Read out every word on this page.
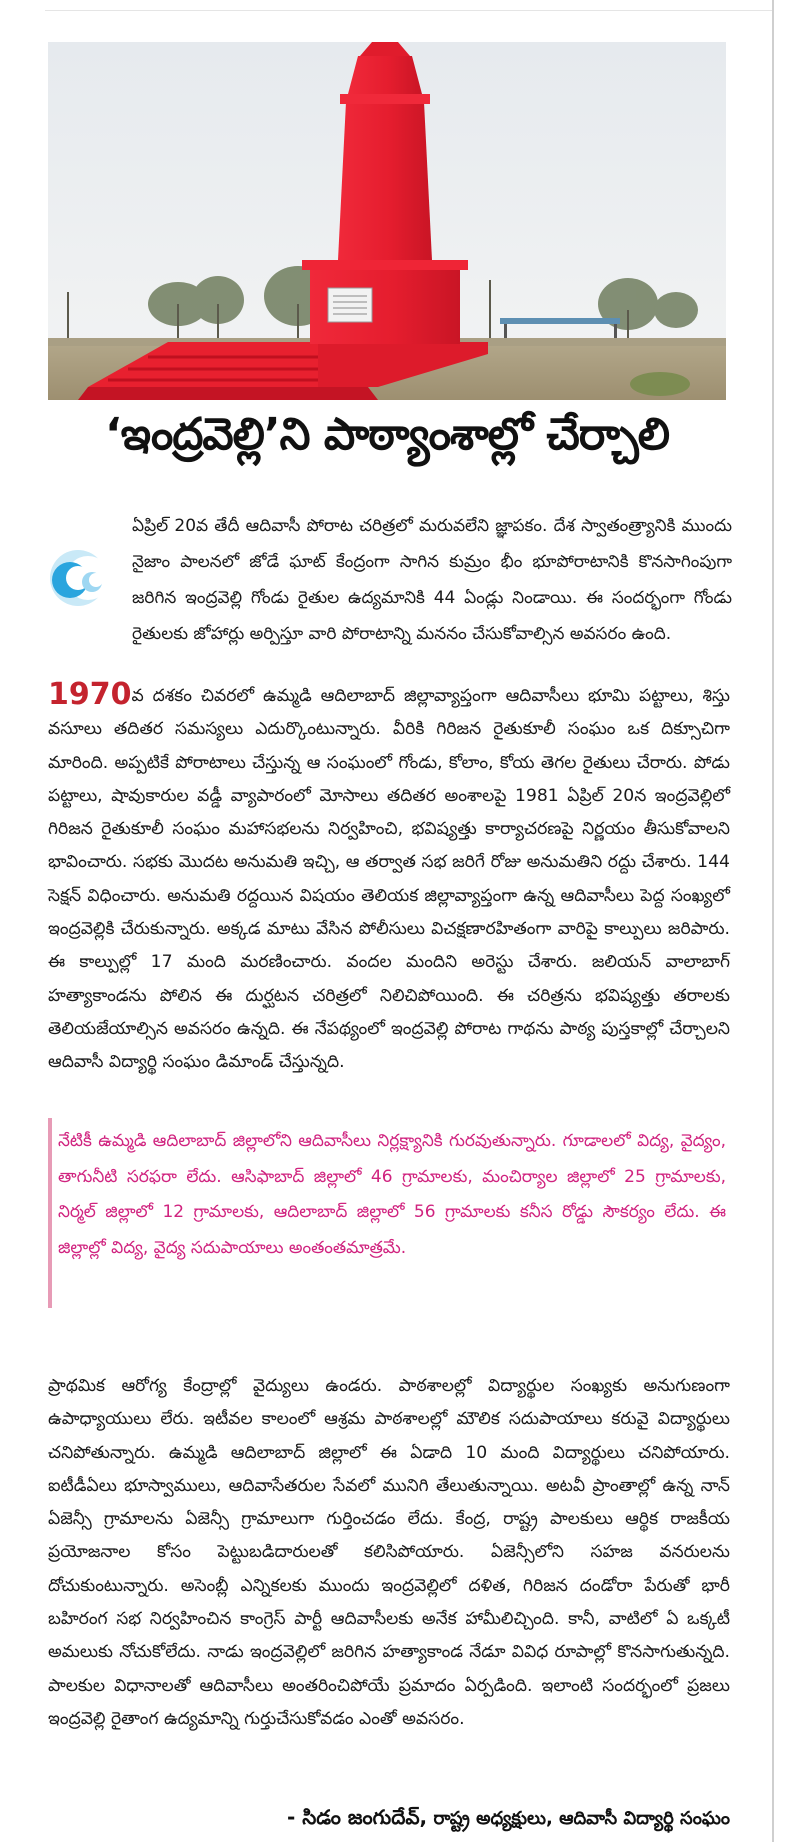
‘ఇంద్రవెల్లి’ని పాఠ్యాంశాల్లో చేర్చాలి
ఏప్రిల్ 20వ తేదీ ఆదివాసీ పోరాట చరిత్రలో మరువలేని జ్ఞాపకం. దేశ స్వాతంత్ర్యానికి ముందు నైజాం పాలనలో జోడే ఘాట్ కేంద్రంగా సాగిన కుమ్రం భీం భూపోరాటానికి కొనసాగింపుగా జరిగిన ఇంద్రవెల్లి గోండు రైతుల ఉద్యమానికి 44 ఏండ్లు నిండాయి. ఈ సందర్భంగా గోండు రైతులకు జోహార్లు అర్పిస్తూ వారి పోరాటాన్ని మననం చేసుకోవాల్సిన అవసరం ఉంది.

1970వ దశకం చివరలో ఉమ్మడి ఆదిలాబాద్ జిల్లావ్యాప్తంగా ఆదివాసీలు భూమి పట్టాలు, శిస్తు వసూలు తదితర సమస్యలు ఎదుర్కొంటున్నారు. వీరికి గిరిజన రైతుకూలీ సంఘం ఒక దిక్సూచిగా మారింది. అప్పటికే పోరాటాలు చేస్తున్న ఆ సంఘంలో గోండు, కోలాం, కోయ తెగల రైతులు చేరారు. పోడు పట్టాలు, షావుకారుల వడ్డీ వ్యాపారంలో మోసాలు తదితర అంశాలపై 1981 ఏప్రిల్ 20న ఇంద్రవెల్లిలో గిరిజన రైతుకూలీ సంఘం మహాసభలను నిర్వహించి, భవిష్యత్తు కార్యాచరణపై నిర్ణయం తీసుకోవాలని భావించారు. సభకు మొదట అనుమతి ఇచ్చి, ఆ తర్వాత సభ జరిగే రోజు అనుమతిని రద్దు చేశారు. 144 సెక్షన్ విధించారు. అనుమతి రద్దయిన విషయం తెలియక జిల్లావ్యాప్తంగా ఉన్న ఆదివాసీలు పెద్ద సంఖ్యలో ఇంద్రవెల్లికి చేరుకున్నారు. అక్కడ మాటు వేసిన పోలీసులు విచక్షణారహితంగా వారిపై కాల్పులు జరిపారు. ఈ కాల్పుల్లో 17 మంది మరణించారు. వందల మందిని అరెస్టు చేశారు. జలియన్ వాలాబాగ్ హత్యాకాండను పోలిన ఈ దుర్ఘటన చరిత్రలో నిలిచిపోయింది. ఈ చరిత్రను భవిష్యత్తు తరాలకు తెలియజేయాల్సిన అవసరం ఉన్నది. ఈ నేపథ్యంలో ఇంద్రవెల్లి పోరాట గాథను పాఠ్య పుస్తకాల్లో చేర్చాలని ఆదివాసీ విద్యార్థి సంఘం డిమాండ్ చేస్తున్నది.

నేటికీ ఉమ్మడి ఆదిలాబాద్ జిల్లాలోని ఆదివాసీలు నిర్లక్ష్యానికి గురవుతున్నారు. గూడాలలో విద్య, వైద్యం, తాగునీటి సరఫరా లేదు. ఆసిఫాబాద్ జిల్లాలో 46 గ్రామాలకు, మంచిర్యాల జిల్లాలో 25 గ్రామాలకు, నిర్మల్ జిల్లాలో 12 గ్రామాలకు, ఆదిలాబాద్ జిల్లాలో 56 గ్రామాలకు కనీస రోడ్డు సౌకర్యం లేదు. ఈ జిల్లాల్లో విద్య, వైద్య సదుపాయాలు అంతంతమాత్రమే.

ప్రాథమిక ఆరోగ్య కేంద్రాల్లో వైద్యులు ఉండరు. పాఠశాలల్లో విద్యార్థుల సంఖ్యకు అనుగుణంగా ఉపాధ్యాయులు లేరు. ఇటీవల కాలంలో ఆశ్రమ పాఠశాలల్లో మౌలిక సదుపాయాలు కరువై విద్యార్థులు చనిపోతున్నారు. ఉమ్మడి ఆదిలాబాద్ జిల్లాలో ఈ ఏడాది 10 మంది విద్యార్థులు చనిపోయారు. ఐటీడీఏలు భూస్వాములు, ఆదివాసేతరుల సేవలో మునిగి తేలుతున్నాయి. అటవీ ప్రాంతాల్లో ఉన్న నాన్ ఏజెన్సీ గ్రామాలను ఏజెన్సీ గ్రామాలుగా గుర్తించడం లేదు. కేంద్ర, రాష్ట్ర పాలకులు ఆర్థిక రాజకీయ ప్రయోజనాల కోసం పెట్టుబడిదారులతో కలిసిపోయారు. ఏజెన్సీలోని సహజ వనరులను దోచుకుంటున్నారు. అసెంబ్లీ ఎన్నికలకు ముందు ఇంద్రవెల్లిలో దళిత, గిరిజన దండోరా పేరుతో భారీ బహిరంగ సభ నిర్వహించిన కాంగ్రెస్ పార్టీ ఆదివాసీలకు అనేక హామీలిచ్చింది. కానీ, వాటిలో ఏ ఒక్కటీ అమలుకు నోచుకోలేదు. నాడు ఇంద్రవెల్లిలో జరిగిన హత్యాకాండ నేడూ వివిధ రూపాల్లో కొనసాగుతున్నది. పాలకుల విధానాలతో ఆదివాసీలు అంతరించిపోయే ప్రమాదం ఏర్పడింది. ఇలాంటి సందర్భంలో ప్రజలు ఇంద్రవెల్లి రైతాంగ ఉద్యమాన్ని గుర్తుచేసుకోవడం ఎంతో అవసరం.

- సిడం జంగుదేవ్, రాష్ట్ర అధ్యక్షులు, ఆదివాసీ విద్యార్థి సంఘం
